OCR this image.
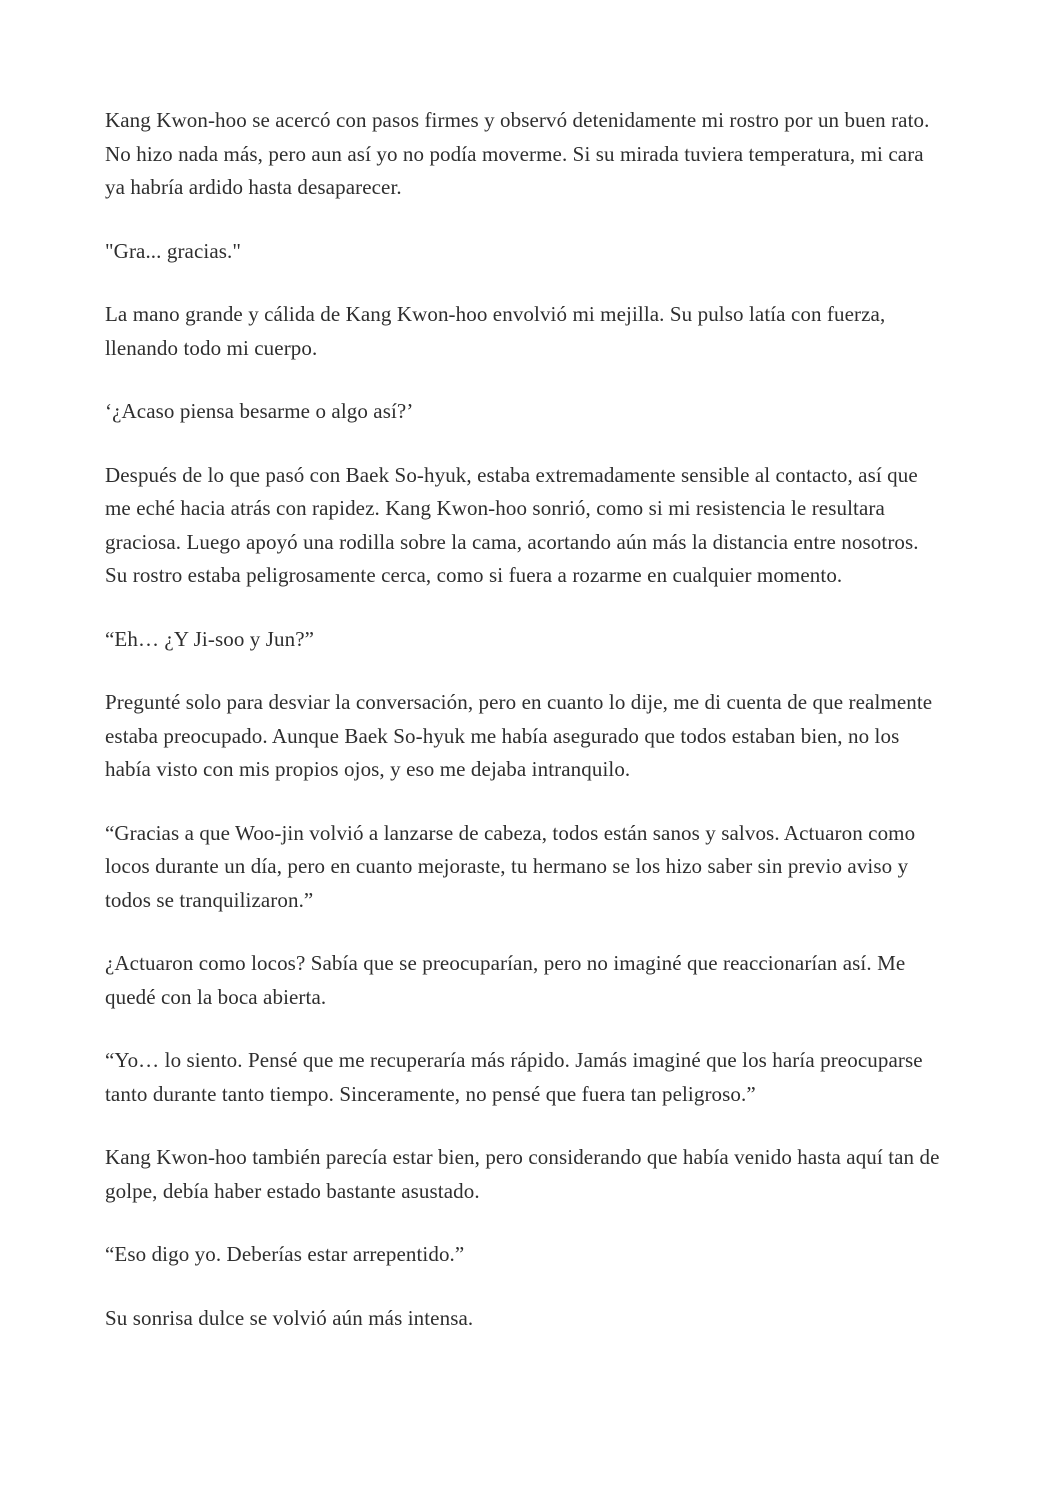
Kang Kwon-hoo se acercó con pasos firmes y observó detenidamente mi rostro por un buen rato. No hizo nada más, pero aun así yo no podía moverme. Si su mirada tuviera temperatura, mi cara ya habría ardido hasta desaparecer.

"Gra... gracias."

La mano grande y cálida de Kang Kwon-hoo envolvió mi mejilla. Su pulso latía con fuerza, llenando todo mi cuerpo.

‘¿Acaso piensa besarme o algo así?’

Después de lo que pasó con Baek So-hyuk, estaba extremadamente sensible al contacto, así que me eché hacia atrás con rapidez. Kang Kwon-hoo sonrió, como si mi resistencia le resultara graciosa. Luego apoyó una rodilla sobre la cama, acortando aún más la distancia entre nosotros. Su rostro estaba peligrosamente cerca, como si fuera a rozarme en cualquier momento.

“Eh… ¿Y Ji-soo y Jun?”

Pregunté solo para desviar la conversación, pero en cuanto lo dije, me di cuenta de que realmente estaba preocupado. Aunque Baek So-hyuk me había asegurado que todos estaban bien, no los había visto con mis propios ojos, y eso me dejaba intranquilo.

“Gracias a que Woo-jin volvió a lanzarse de cabeza, todos están sanos y salvos. Actuaron como locos durante un día, pero en cuanto mejoraste, tu hermano se los hizo saber sin previo aviso y todos se tranquilizaron.”

¿Actuaron como locos? Sabía que se preocuparían, pero no imaginé que reaccionarían así. Me quedé con la boca abierta.

“Yo… lo siento. Pensé que me recuperaría más rápido. Jamás imaginé que los haría preocuparse tanto durante tanto tiempo. Sinceramente, no pensé que fuera tan peligroso.”

Kang Kwon-hoo también parecía estar bien, pero considerando que había venido hasta aquí tan de golpe, debía haber estado bastante asustado.

“Eso digo yo. Deberías estar arrepentido.”

Su sonrisa dulce se volvió aún más intensa.
